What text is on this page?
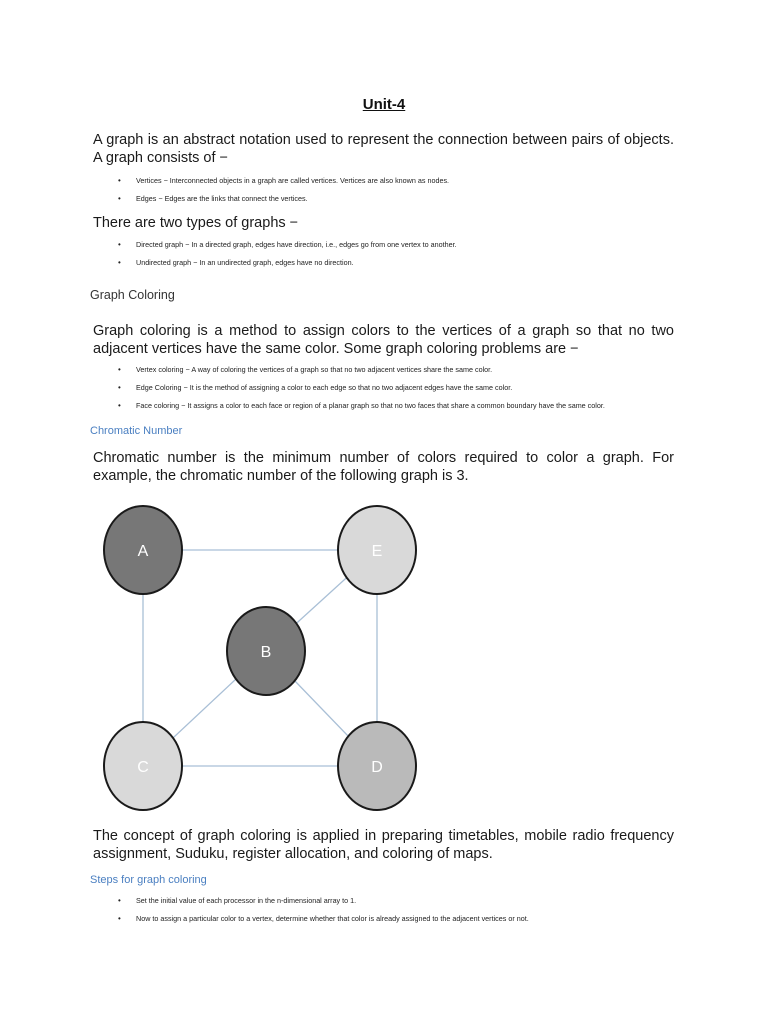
Unit-4
A graph is an abstract notation used to represent the connection between pairs of objects. A graph consists of −
• Vertices − Interconnected objects in a graph are called vertices. Vertices are also known as nodes.
• Edges − Edges are the links that connect the vertices.
There are two types of graphs −
• Directed graph − In a directed graph, edges have direction, i.e., edges go from one vertex to another.
• Undirected graph − In an undirected graph, edges have no direction.
Graph Coloring
Graph coloring is a method to assign colors to the vertices of a graph so that no two adjacent vertices have the same color. Some graph coloring problems are −
• Vertex coloring − A way of coloring the vertices of a graph so that no two adjacent vertices share the same color.
• Edge Coloring − It is the method of assigning a color to each edge so that no two adjacent edges have the same color.
• Face coloring − It assigns a color to each face or region of a planar graph so that no two faces that share a common boundary have the same color.
Chromatic Number
Chromatic number is the minimum number of colors required to color a graph. For example, the chromatic number of the following graph is 3.
A	E
B
C	D
The concept of graph coloring is applied in preparing timetables, mobile radio frequency assignment, Suduku, register allocation, and coloring of maps.
Steps for graph coloring
• Set the initial value of each processor in the n-dimensional array to 1.
• Now to assign a particular color to a vertex, determine whether that color is already assigned to the adjacent vertices or not.
